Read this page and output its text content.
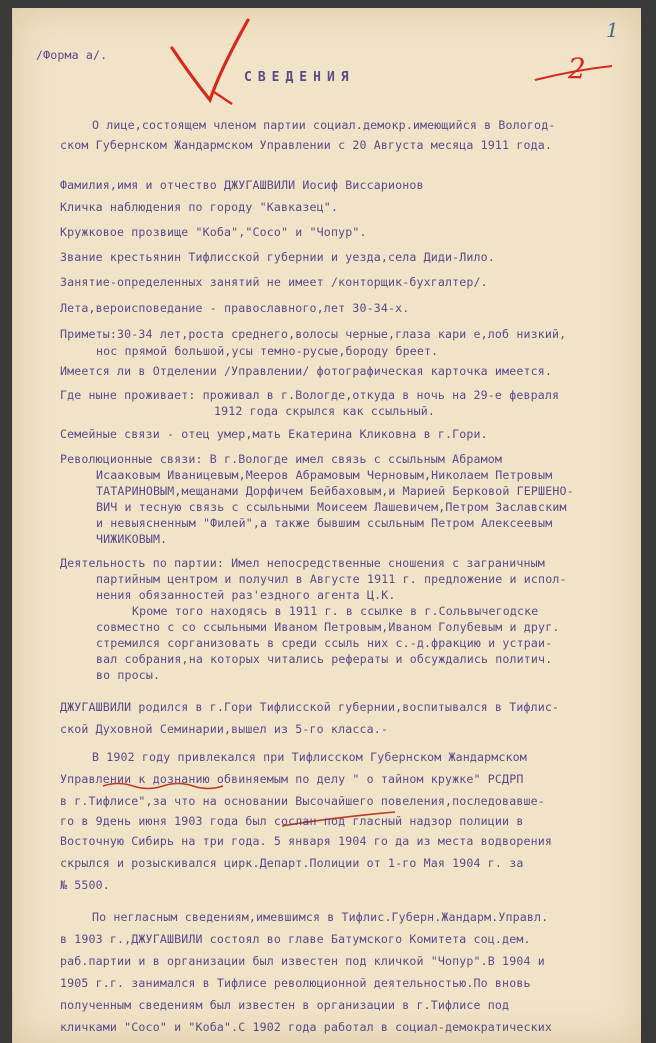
/Форма а/.
СВЕДЕНИЯ
1
2
О лице,состоящем членом партии социал.демокр.имеющийся в Вологод-
ском Губернском Жандармском Управлении с 20 Августа месяца 1911 года.
Фамилия,имя и отчество ДЖУГАШВИЛИ Иосиф Виссарионов
Кличка наблюдения по городу "Кавказец".
Кружковое прозвище "Коба","Сосо" и "Чопур".
Звание крестьянин Тифлисской губернии и уезда,села Диди-Лило.
Занятие-определенных занятий не имеет /конторщик-бухгалтер/.
Лета,вероисповедание - православного,лет 30-34-х.
Приметы:30-34 лет,роста среднего,волосы черные,глаза кари е,лоб низкий,
нос прямой большой,усы темно-русые,бороду бреет.
Имеется ли в Отделении /Управлении/ фотографическая карточка имеется.
Где ныне проживает: проживал в г.Вологде,откуда в ночь на 29-е февраля
1912 года скрылся как ссыльный.
Семейные связи - отец умер,мать Екатерина Кликовна в г.Гори.
Революционные связи: В г.Вологде имел связь с ссыльным Абрамом
Исааковым Иваницевым,Мееров Абрамовым Черновым,Николаем Петровым
ТАТАРИНОВЫМ,мещанами Дорфичем Бейбаховым,и Марией Берковой ГЕРШЕНО-
ВИЧ и тесную связь с ссыльными Моисеем Лашевичем,Петром Заславским
и невыясненным "Филей",а также бывшим ссыльным Петром Алексеевым
ЧИЖИКОВЫМ.
Деятельность по партии: Имел непосредственные сношения с заграничным
партийным центром и получил в Августе 1911 г. предложение и испол-
нения обязанностей раз'ездного агента Ц.К.
Кроме того находясь в 1911 г. в ссылке в г.Сольвычегодске
совместно с со ссыльными Иваном Петровым,Иваном Голубевым и друг.
стремился сорганизовать в среди ссыль них с.-д.фракцию и устраи-
вал собрания,на которых читались рефераты и обсуждались политич.
во просы.
ДЖУГАШВИЛИ родился в г.Гори Тифлисской губернии,воспитывался в Тифлис-
ской Духовной Семинарии,вышел из 5-го класса.-
В 1902 году привлекался при Тифлисском Губернском Жандармском
Управлении к дознанию обвиняемым по делу " о тайном кружке" РСДРП
в г.Тифлисе",за что на основании Высочайшего повеления,последовавше-
го в 9день июня 1903 года был сослан под гласный надзор полиции в
Восточную Сибирь на три года. 5 января 1904 го да из места водворения
скрылся и розыскивался цирк.Департ.Полиции от 1-го Мая 1904 г. за
№ 5500.
По негласным сведениям,имевшимся в Тифлис.Губерн.Жандарм.Управл.
в 1903 г.,ДЖУГАШВИЛИ состоял во главе Батумского Комитета соц.дем.
раб.партии и в организации был известен под кличкой "Чопур".В 1904 и
1905 г.г. занимался в Тифлисе революционной деятельностью.По вновь
полученным сведениям был известен в организации в г.Тифлисе под
кличками "Сосо" и "Коба".С 1902 года работал в социал-демократических
